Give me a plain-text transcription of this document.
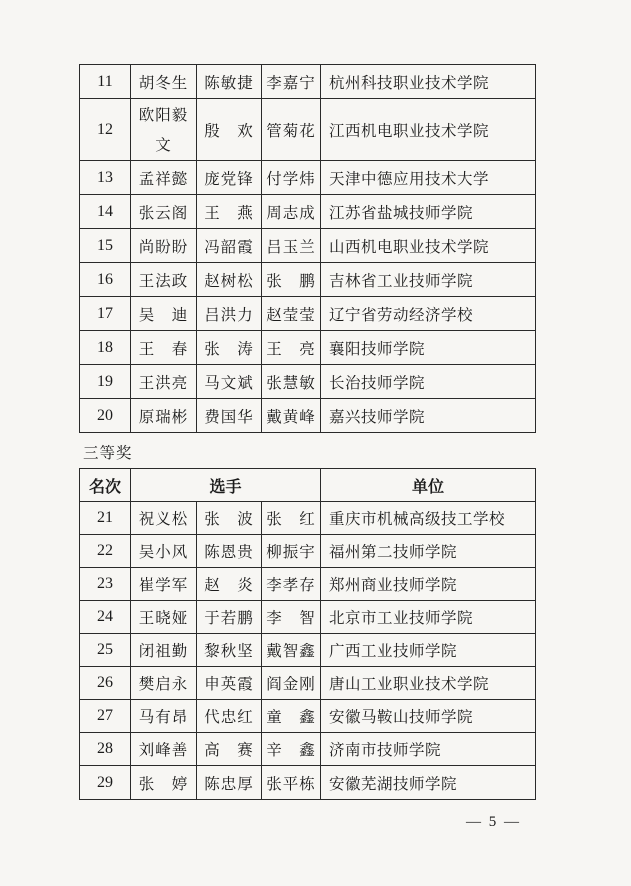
11	胡冬生	陈敏捷	李嘉宁	杭州科技职业技术学院
12	欧阳毅文	殷　欢	管菊花	江西机电职业技术学院
13	孟祥懿	庞党锋	付学炜	天津中德应用技术大学
14	张云阁	王　燕	周志成	江苏省盐城技师学院
15	尚盼盼	冯韶霞	吕玉兰	山西机电职业技术学院
16	王法政	赵树松	张　鹏	吉林省工业技师学院
17	吴　迪	吕洪力	赵莹莹	辽宁省劳动经济学校
18	王　春	张　涛	王　亮	襄阳技师学院
19	王洪亮	马文斌	张慧敏	长治技师学院
20	原瑞彬	费国华	戴黄峰	嘉兴技师学院
三等奖
名次	选手			单位
21	祝义松	张　波	张　红	重庆市机械高级技工学校
22	吴小风	陈恩贵	柳振宇	福州第二技师学院
23	崔学军	赵　炎	李孝存	郑州商业技师学院
24	王晓娅	于若鹏	李　智	北京市工业技师学院
25	闭祖勤	黎秋坚	戴智鑫	广西工业技师学院
26	樊启永	申英霞	阎金刚	唐山工业职业技术学院
27	马有昂	代忠红	童　鑫	安徽马鞍山技师学院
28	刘峰善	高　赛	辛　鑫	济南市技师学院
29	张　婷	陈忠厚	张平栋	安徽芜湖技师学院
— 5 —
